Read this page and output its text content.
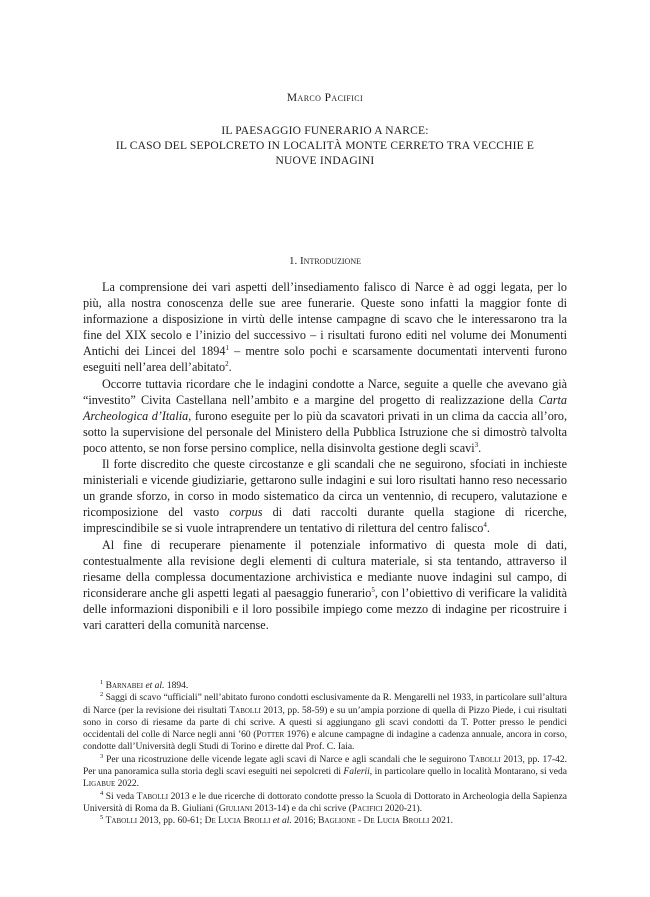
Marco Pacifici
IL PAESAGGIO FUNERARIO A NARCE:
IL CASO DEL SEPOLCRETO IN LOCALITÀ MONTE CERRETO TRA VECCHIE E
NUOVE INDAGINI
1. Introduzione

La comprensione dei vari aspetti dell’insediamento falisco di Narce è ad oggi legata, per lo più, alla nostra conoscenza delle sue aree funerarie. Queste sono infatti la maggior fonte di informazione a disposizione in virtù delle intense campagne di scavo che le interessarono tra la fine del XIX secolo e l’inizio del successivo – i risultati furono editi nel volume dei Monumenti Antichi dei Lincei del 1894$^1$ – mentre solo pochi e scarsamente documentati interventi furono eseguiti nell’area dell’abitato$^2$.

Occorre tuttavia ricordare che le indagini condotte a Narce, seguite a quelle che avevano già “investito” Civita Castellana nell’ambito e a margine del progetto di realizzazione della Carta Archeologica d’Italia, furono eseguite per lo più da scavatori privati in un clima da caccia all’oro, sotto la supervisione del personale del Ministero della Pubblica Istruzione che si dimostrò talvolta poco attento, se non forse persino complice, nella disinvolta gestione degli scavi$^3$.

Il forte discredito che queste circostanze e gli scandali che ne seguirono, sfociati in inchieste ministeriali e vicende giudiziarie, gettarono sulle indagini e sui loro risultati hanno reso necessario un grande sforzo, in corso in modo sistematico da circa un ventennio, di recupero, valutazione e ricomposizione del vasto corpus di dati raccolti durante quella stagione di ricerche, imprescindibile se si vuole intraprendere un tentativo di rilettura del centro falisco$^4$.

Al fine di recuperare pienamente il potenziale informativo di questa mole di dati, contestualmente alla revisione degli elementi di cultura materiale, si sta tentando, attraverso il riesame della complessa documentazione archivistica e mediante nuove indagini sul campo, di riconsiderare anche gli aspetti legati al paesaggio funerario$^5$, con l’obiettivo di verificare la validità delle informazioni disponibili e il loro possibile impiego come mezzo di indagine per ricostruire i vari caratteri della comunità narcense.

$^1$ Barnabei et al. 1894.

$^2$ Saggi di scavo “ufficiali” nell’abitato furono condotti esclusivamente da R. Mengarelli nel 1933, in particolare sull’altura di Narce (per la revisione dei risultati Tabolli 2013, pp. 58-59) e su un’ampia porzione di quella di Pizzo Piede, i cui risultati sono in corso di riesame da parte di chi scrive. A questi si aggiungano gli scavi condotti da T. Potter presso le pendici occidentali del colle di Narce negli anni ’60 (Potter 1976) e alcune campagne di indagine a cadenza annuale, ancora in corso, condotte dall’Università degli Studi di Torino e dirette dal Prof. C. Iaia.

$^3$ Per una ricostruzione delle vicende legate agli scavi di Narce e agli scandali che le seguirono Tabolli 2013, pp. 17-42. Per una panoramica sulla storia degli scavi eseguiti nei sepolcreti di Falerii, in particolare quello in località Montarano, si veda Ligabue 2022.

$^4$ Si veda Tabolli 2013 e le due ricerche di dottorato condotte presso la Scuola di Dottorato in Archeologia della Sapienza Università di Roma da B. Giuliani (Giuliani 2013-14) e da chi scrive (Pacifici 2020-21).

$^5$ Tabolli 2013, pp. 60-61; De Lucia Brolli et al. 2016; Baglione - De Lucia Brolli 2021.
